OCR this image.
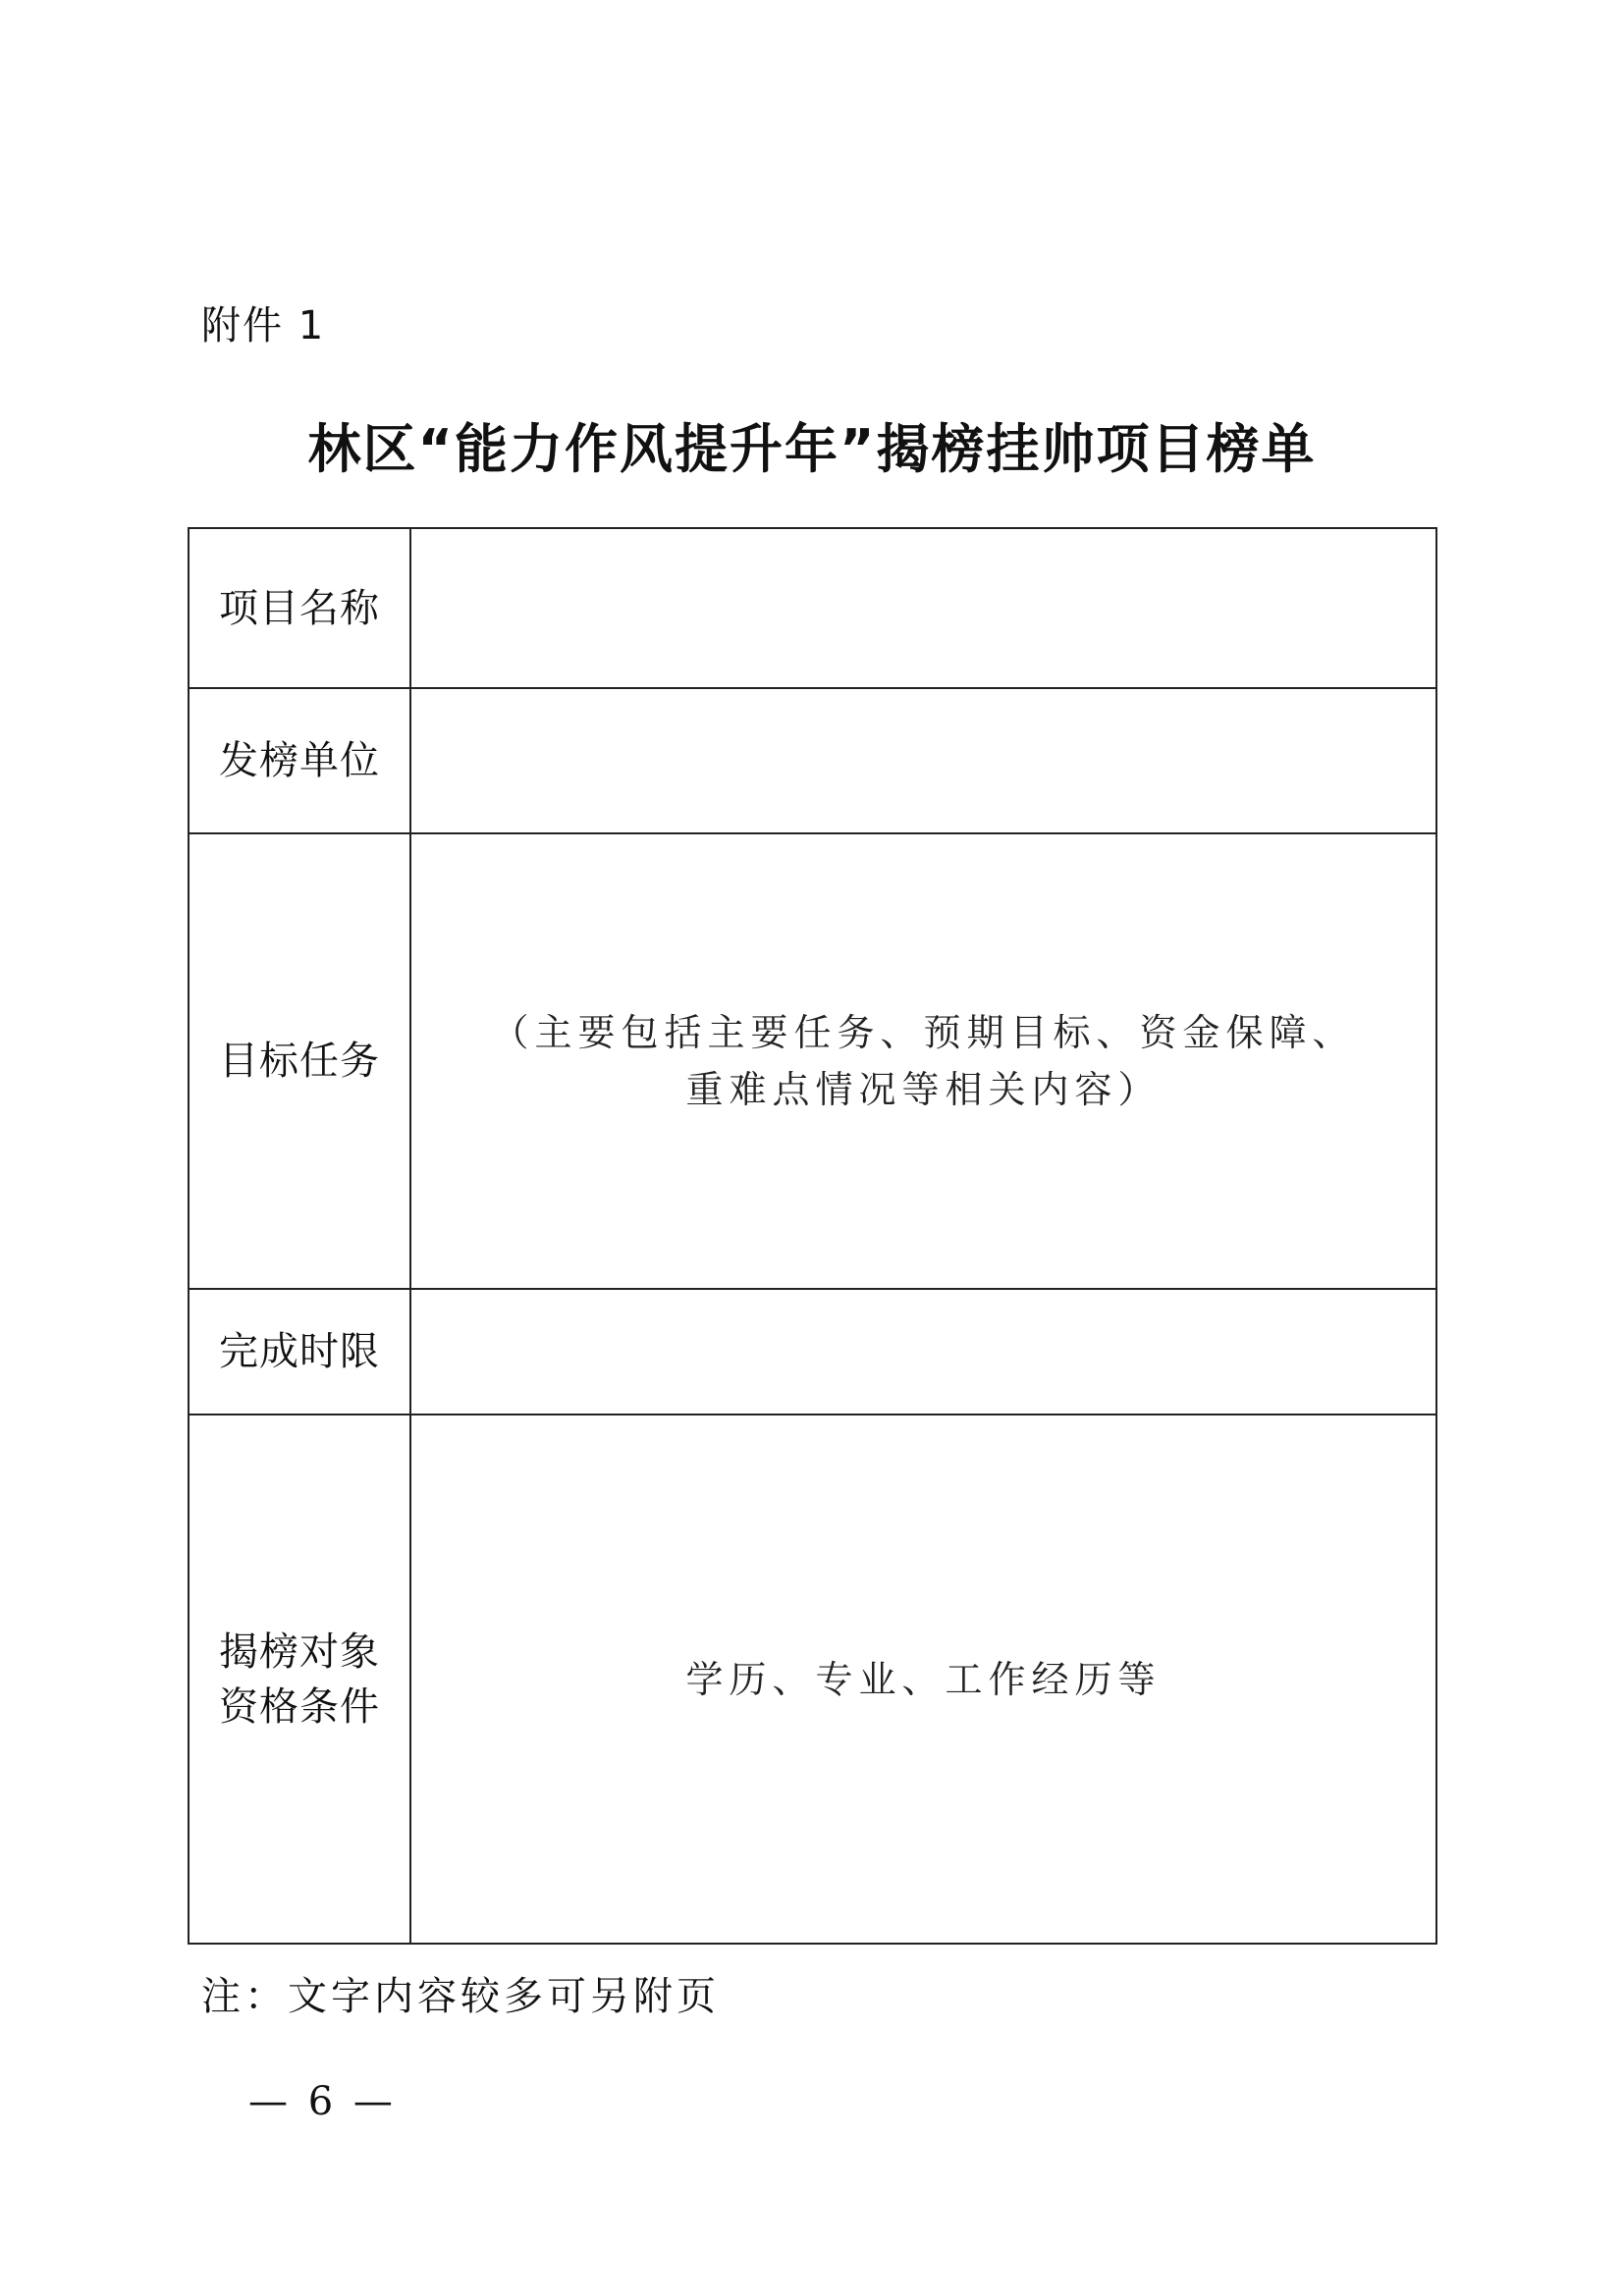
附件 1
林区“能力作风提升年”揭榜挂帅项目榜单
项目名称	

发榜单位	

目标任务	（主要包括主要任务、预期目标、资金保障、
重难点情况等相关内容）

完成时限	

揭榜对象
资格条件	学历、专业、工作经历等
注：文字内容较多可另附页
— 6 —
